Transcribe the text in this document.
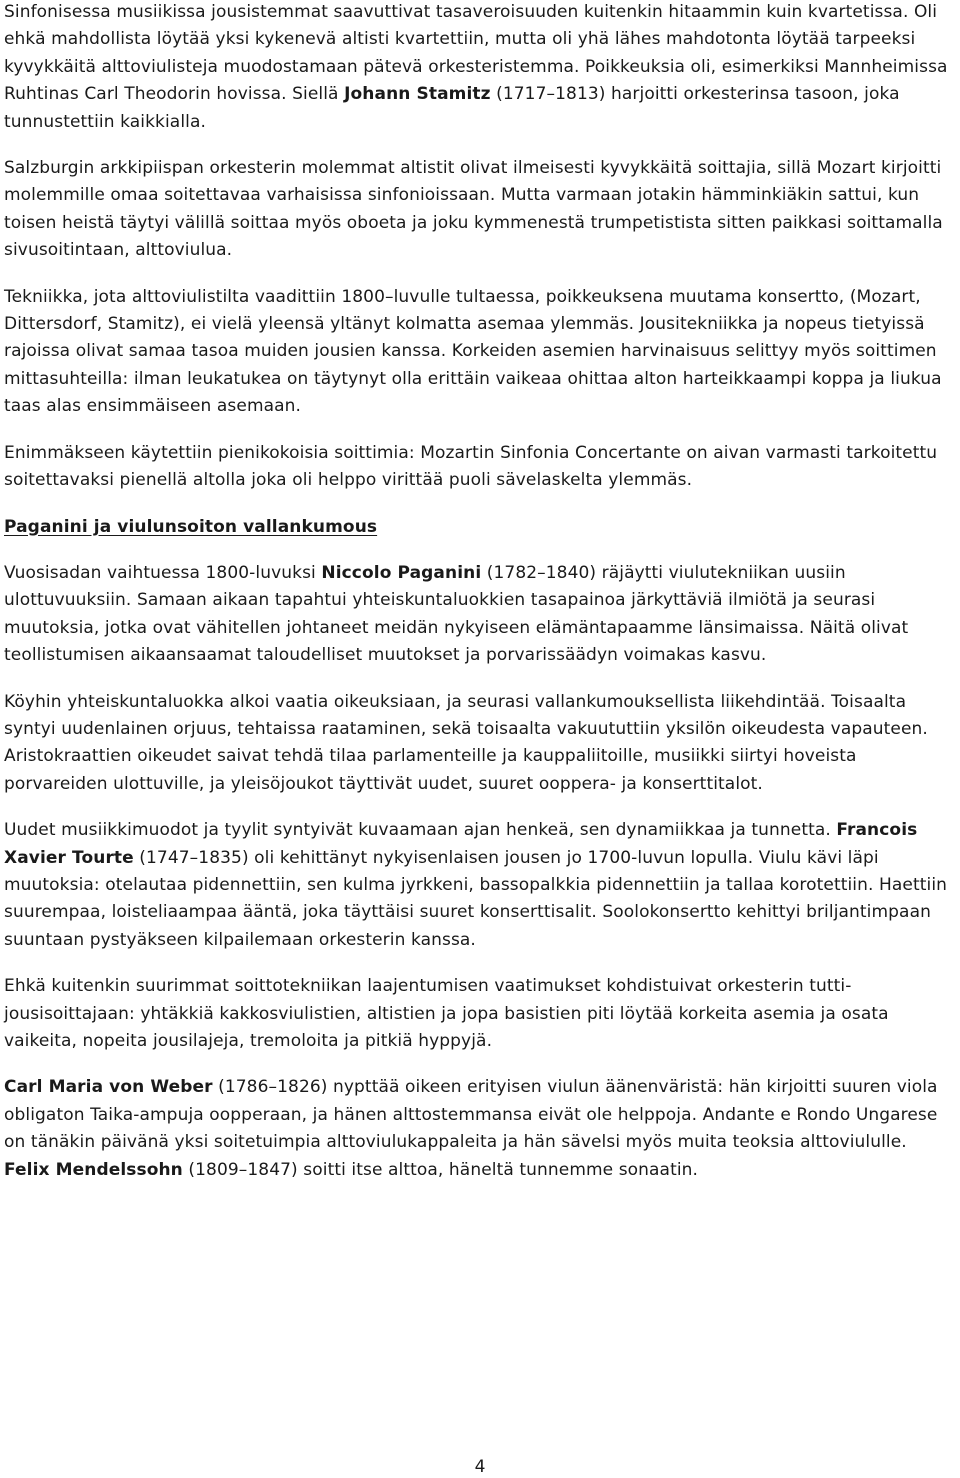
Sinfonisessa musiikissa jousistemmat saavuttivat tasaveroisuuden kuitenkin hitaammin kuin kvartetissa. Oli ehkä mahdollista löytää yksi kykenevä altisti kvartettiin, mutta oli yhä lähes mahdotonta löytää tarpeeksi kyvykkäitä alttoviulisteja muodostamaan pätevä orkesteristemma. Poikkeuksia oli, esimerkiksi Mannheimissa Ruhtinas Carl Theodorin hovissa. Siellä Johann Stamitz (1717–1813) harjoitti orkesterinsa tasoon, joka tunnustettiin kaikkialla.

Salzburgin arkkipiispan orkesterin molemmat altistit olivat ilmeisesti kyvykkäitä soittajia, sillä Mozart kirjoitti molemmille omaa soitettavaa varhaisissa sinfonioissaan. Mutta varmaan jotakin hämminkiäkin sattui, kun toisen heistä täytyi välillä soittaa myös oboeta ja joku kymmenestä trumpetistista sitten paikkasi soittamalla sivusoitintaan, alttoviulua.

Tekniikka, jota alttoviulistilta vaadittiin 1800–luvulle tultaessa, poikkeuksena muutama konsertto, (Mozart, Dittersdorf, Stamitz), ei vielä yleensä yltänyt kolmatta asemaa ylemmäs. Jousitekniikka ja nopeus tietyissä rajoissa olivat samaa tasoa muiden jousien kanssa. Korkeiden asemien harvinaisuus selittyy myös soittimen mittasuhteilla: ilman leukatukea on täytynyt olla erittäin vaikeaa ohittaa alton harteikkaampi koppa ja liukua taas alas ensimmäiseen asemaan.

Enimmäkseen käytettiin pienikokoisia soittimia: Mozartin Sinfonia Concertante on aivan varmasti tarkoitettu soitettavaksi pienellä altolla joka oli helppo virittää puoli sävelaskelta ylemmäs.

Paganini ja viulunsoiton vallankumous

Vuosisadan vaihtuessa 1800-luvuksi Niccolo Paganini (1782–1840) räjäytti viulutekniikan uusiin ulottuvuuksiin. Samaan aikaan tapahtui yhteiskuntaluokkien tasapainoa järkyttäviä ilmiötä ja seurasi muutoksia, jotka ovat vähitellen johtaneet meidän nykyiseen elämäntapaamme länsimaissa. Näitä olivat teollistumisen aikaansaamat taloudelliset muutokset ja porvarissäädyn voimakas kasvu.

Köyhin yhteiskuntaluokka alkoi vaatia oikeuksiaan, ja seurasi vallankumouksellista liikehdintää. Toisaalta syntyi uudenlainen orjuus, tehtaissa raataminen, sekä toisaalta vakuututtiin yksilön oikeudesta vapauteen. Aristokraattien oikeudet saivat tehdä tilaa parlamenteille ja kauppaliitoille, musiikki siirtyi hoveista porvareiden ulottuville, ja yleisöjoukot täyttivät uudet, suuret ooppera- ja konserttitalot.

Uudet musiikkimuodot ja tyylit syntyivät kuvaamaan ajan henkeä, sen dynamiikkaa ja tunnetta. Francois Xavier Tourte (1747–1835) oli kehittänyt nykyisenlaisen jousen jo 1700-luvun lopulla. Viulu kävi läpi muutoksia: otelautaa pidennettiin, sen kulma jyrkkeni, bassopalkkia pidennettiin ja tallaa korotettiin. Haettiin suurempaa, loisteliaampaa ääntä, joka täyttäisi suuret konserttisalit. Soolokonsertto kehittyi briljantimpaan suuntaan pystyäkseen kilpailemaan orkesterin kanssa.

Ehkä kuitenkin suurimmat soittotekniikan laajentumisen vaatimukset kohdistuivat orkesterin tutti-jousisoittajaan: yhtäkkiä kakkosviulistien, altistien ja jopa basistien piti löytää korkeita asemia ja osata vaikeita, nopeita jousilajeja, tremoloita ja pitkiä hyppyjä.

Carl Maria von Weber (1786–1826) nypttää oikeen erityisen viulun äänenväristä: hän kirjoitti suuren viola obligaton Taika-ampuja oopperaan, ja hänen alttostemmansa eivät ole helppoja. Andante e Rondo Ungarese on tänäkin päivänä yksi soitetuimpia alttoviulukappaleita ja hän sävelsi myös muita teoksia alttoviululle. Felix Mendelssohn (1809–1847) soitti itse alttoa, häneltä tunnemme sonaatin.

4
